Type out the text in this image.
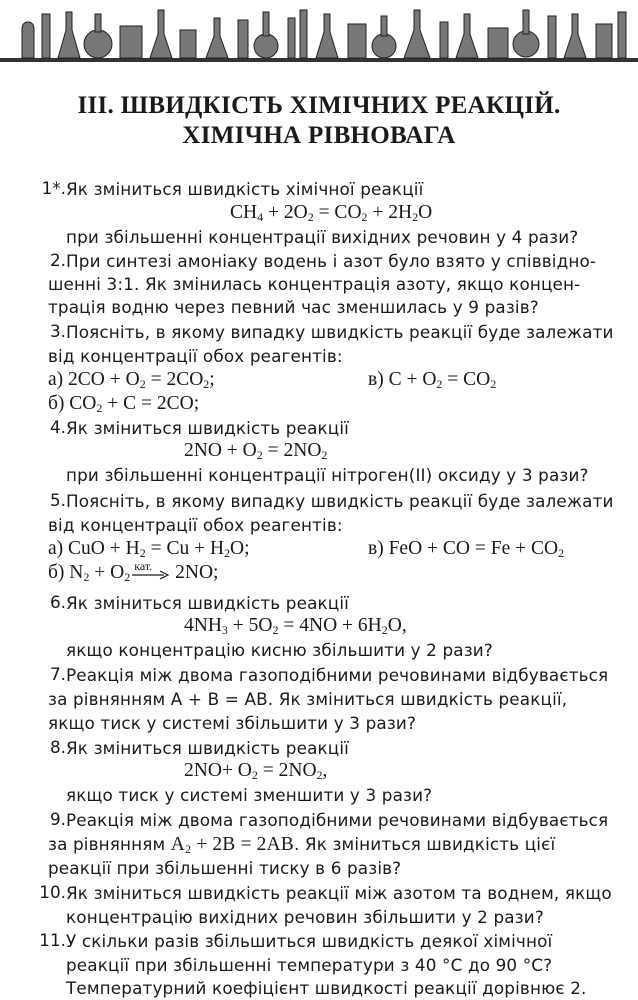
ІІІ. ШВИДКІСТЬ ХІМІЧНИХ РЕАКЦІЙ.
ХІМІЧНА РІВНОВАГА
1*. Як зміниться швидкість хімічної реакції
$CH_4 + 2O_2 = CO_2 + 2H_2O$
при збільшенні концентрації вихідних речовин у 4 рази?
2. При синтезі амоніаку водень і азот було взято у співвідно-
шенні 3:1. Як змінилась концентрація азоту, якщо концен-
трація водню через певний час зменшилась у 9 разів?
3. Поясніть, в якому випадку швидкість реакції буде залежати
від концентрації обох реагентів:
а) $2CO + O_2 = 2CO_2$;	в) $C + O_2 = CO_2$
б) $CO_2 + C = 2CO$;
4. Як зміниться швидкість реакції
$2NO + O_2 = 2NO_2$
при збільшенні концентрації нітроген(II) оксиду у 3 рази?
5. Поясніть, в якому випадку швидкість реакції буде залежати
від концентрації обох реагентів:
а) CuO + $H_2 = Cu + H_2O$;	в) FeO + CO = $Fe + CO_2$
б) $N_2 + O_2$
кат. 2NO;
6. Як зміниться швидкість реакції
$4NH_3 + 5O_2 = 4NO + 6H_2O$,
якщо концентрацію кисню збільшити у 2 рази?
7. Реакція між двома газоподібними речовинами відбувається
за рівнянням А + В = АВ. Як зміниться швидкість реакції,
якщо тиск у системі збільшити у 3 рази?
8. Як зміниться швидкість реакції
$2NO+ O_2 = 2NO_2$,
якщо тиск у системі зменшити у 3 рази?
9. Реакція між двома газоподібними речовинами відбувається
за рівнянням $A_2 + 2B = 2AB$. Як зміниться швидкість цієї
реакції при збільшенні тиску в 6 разів?
10. Як зміниться швидкість реакції між азотом та воднем, якщо
концентрацію вихідних речовин збільшити у 2 рази?
11. У скільки разів збільшиться швидкість деякої хімічної
реакції при збільшенні температури з 40 °С до 90 °С?
Температурний коефіцієнт швидкості реакції дорівнює 2.
